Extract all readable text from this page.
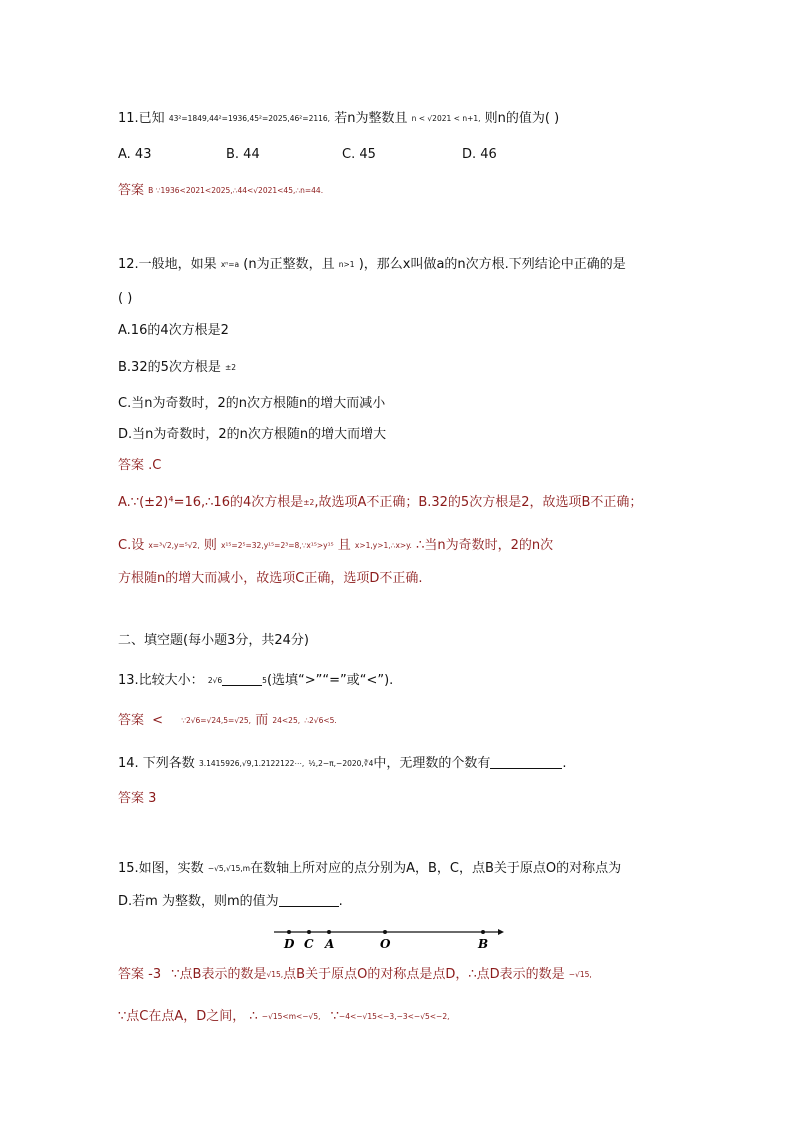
11.已知 43²=1849,44²=1936,45²=2025,46²=2116, 若n为整数且 n < √2021 < n+1, 则n的值为( )
A. 43	B. 44	C. 45	D. 46
答案 B ∵1936<2021<2025,∴44<√2021<45,∴n=44.
12.一般地，如果 xⁿ=a (n为正整数，且 n>1 )，那么x叫做a的n次方根.下列结论中正确的是
( )
A.16的4次方根是2
B.32的5次方根是 ±2
C.当n为奇数时，2的n次方根随n的增大而减小
D.当n为奇数时，2的n次方根随n的增大而增大
答案 .C
A.∵(±2)⁴=16,∴16的4次方根是±2,故选项A不正确；B.32的5次方根是2，故选项B不正确；
C.设 x=³√2,y=⁵√2, 则 x¹⁵=2⁵=32,y¹⁵=2³=8,∵x¹⁵>y¹⁵ 且 x>1,y>1,∴x>y. ∴当n为奇数时，2的n次
方根随n的增大而减小，故选项C正确，选项D不正确.
二、填空题(每小题3分，共24分)
13.比较大小： 2√6	5(选填“>”“=”或“<”).
答案 < ∵2√6=√24,5=√25, 而 24<25, ∴2√6<5.
14. 下列各数 3.1415926,√9,1.2122122⋯, ½,2−π,−2020,∛4中，无理数的个数有	.
答案 3
15.如图，实数 −√5,√15,m在数轴上所对应的点分别为A，B，C，点B关于原点O的对称点为
D.若m 为整数，则m的值为	.
D C A	O	B
答案 -3 ∵点B表示的数是√15,点B关于原点O的对称点是点D，∴点D表示的数是 −√15,
∵点C在点A，D之间， ∴ −√15<m<−√5, ∵−4<−√15<−3,−3<−√5<−2,
